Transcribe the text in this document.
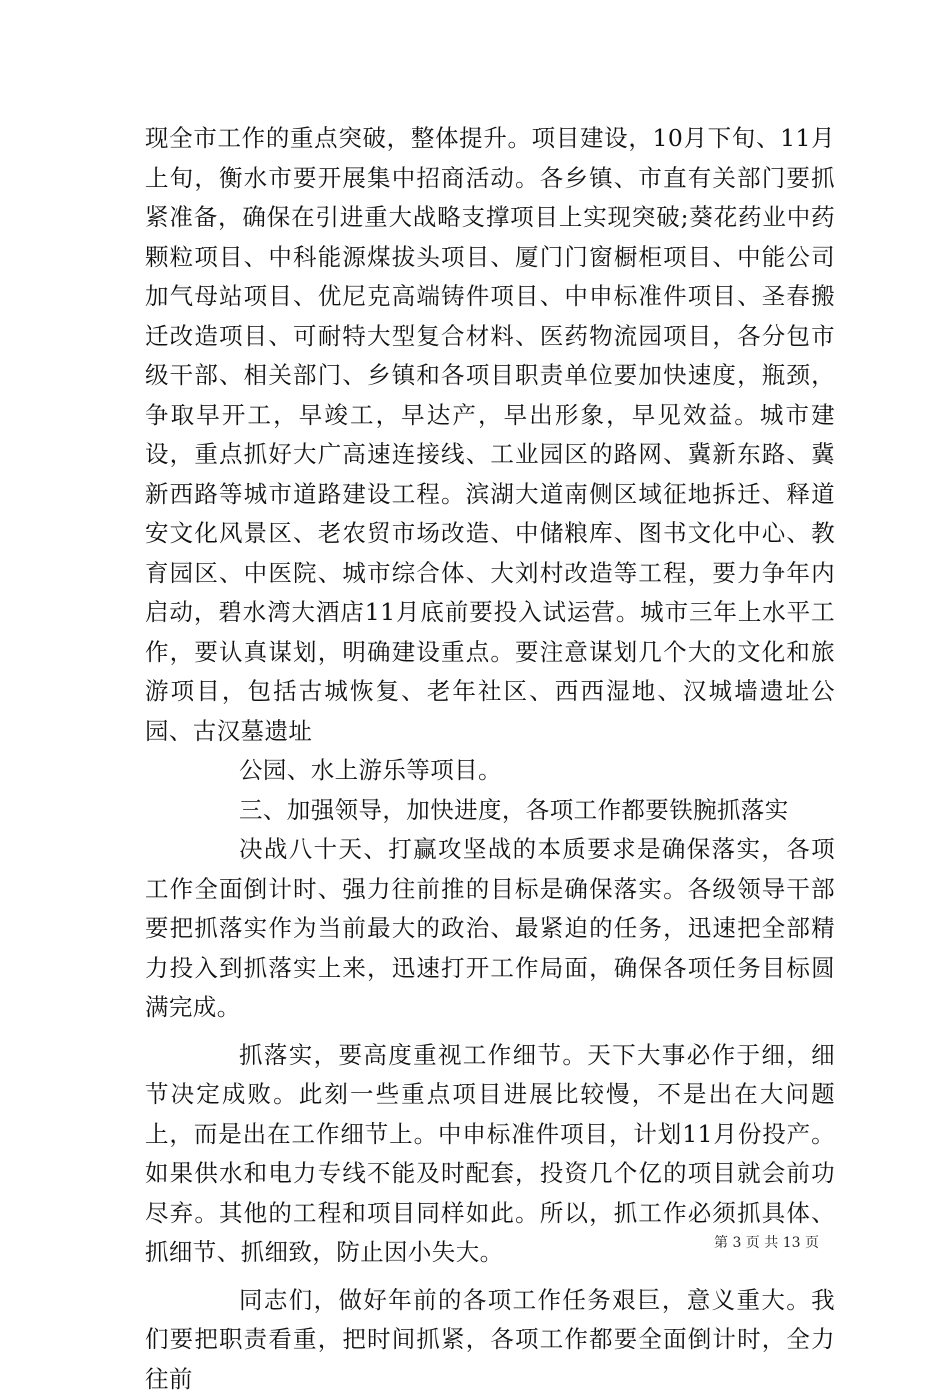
现全市工作的重点突破，整体提升。项目建设，10月下旬、11月上旬，衡水市要开展集中招商活动。各乡镇、市直有关部门要抓紧准备，确保在引进重大战略支撑项目上实现突破;葵花药业中药颗粒项目、中科能源煤拔头项目、厦门门窗橱柜项目、中能公司加气母站项目、优尼克高端铸件项目、中申标准件项目、圣春搬迁改造项目、可耐特大型复合材料、医药物流园项目，各分包市级干部、相关部门、乡镇和各项目职责单位要加快速度，瓶颈，争取早开工，早竣工，早达产，早出形象，早见效益。城市建设，重点抓好大广高速连接线、工业园区的路网、冀新东路、冀新西路等城市道路建设工程。滨湖大道南侧区域征地拆迁、释道安文化风景区、老农贸市场改造、中储粮库、图书文化中心、教育园区、中医院、城市综合体、大刘村改造等工程，要力争年内启动，碧水湾大酒店11月底前要投入试运营。城市三年上水平工作，要认真谋划，明确建设重点。要注意谋划几个大的文化和旅游项目，包括古城恢复、老年社区、西西湿地、汉城墙遗址公园、古汉墓遗址

公园、水上游乐等项目。

三、加强领导，加快进度，各项工作都要铁腕抓落实

决战八十天、打赢攻坚战的本质要求是确保落实，各项工作全面倒计时、强力往前推的目标是确保落实。各级领导干部要把抓落实作为当前最大的政治、最紧迫的任务，迅速把全部精力投入到抓落实上来，迅速打开工作局面，确保各项任务目标圆满完成。

抓落实，要高度重视工作细节。天下大事必作于细，细节决定成败。此刻一些重点项目进展比较慢，不是出在大问题上，而是出在工作细节上。中申标准件项目，计划11月份投产。如果供水和电力专线不能及时配套，投资几个亿的项目就会前功尽弃。其他的工程和项目同样如此。所以，抓工作必须抓具体、抓细节、抓细致，防止因小失大。

同志们，做好年前的各项工作任务艰巨，意义重大。我们要把职责看重，把时间抓紧，各项工作都要全面倒计时，全力往前

第 3 页 共 13 页
